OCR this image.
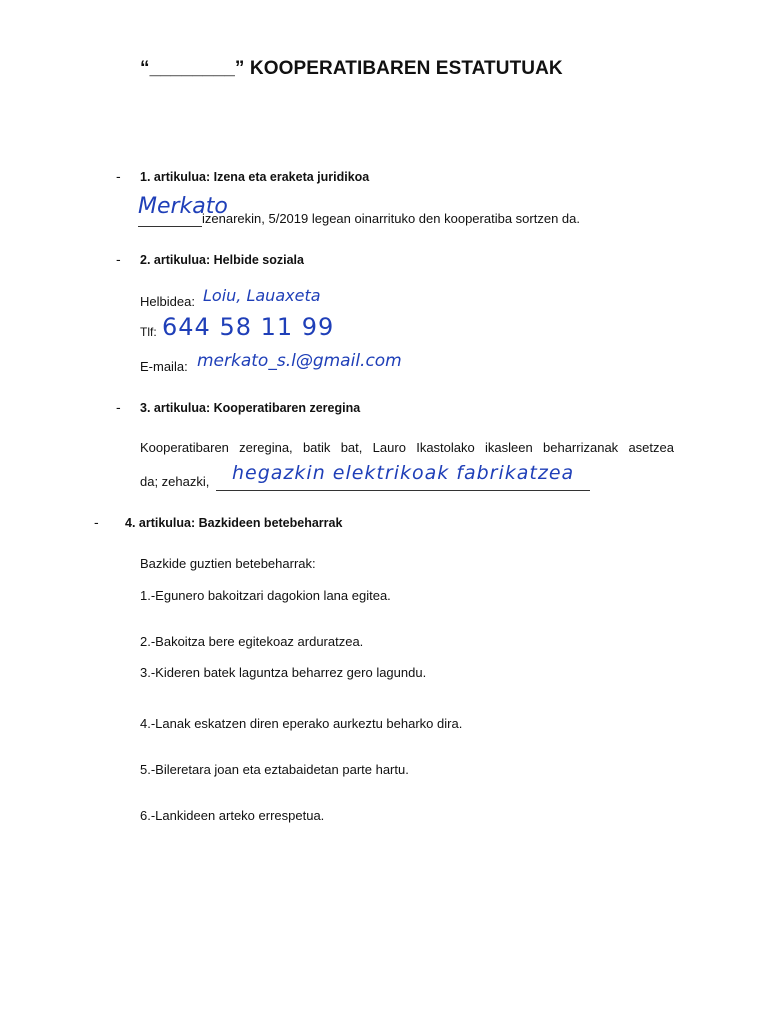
“________” KOOPERATIBAREN ESTATUTUAK
- 1. artikulua: Izena eta eraketa juridikoa
Merkato
izenarekin, 5/2019 legean oinarrituko den kooperatiba sortzen da.
- 2. artikulua: Helbide soziala
Helbidea: Loiu, Lauaxeta
Tlf: 644 58 11 99
E-maila: merkato_s.l@gmail.com
- 3. artikulua: Kooperatibaren zeregina
Kooperatibaren zeregina, batik bat, Lauro Ikastolako ikasleen beharrizanak asetzea
da; zehazki, hegazkin elektrikoak fabrikatzea
- 4. artikulua: Bazkideen betebeharrak
Bazkide guztien betebeharrak:
1.-Egunero bakoitzari dagokion lana egitea.
2.-Bakoitza bere egitekoaz arduratzea.
3.-Kideren batek laguntza beharrez gero lagundu.
4.-Lanak eskatzen diren eperako aurkeztu beharko dira.
5.-Bileretara joan eta eztabaidetan parte hartu.
6.-Lankideen arteko errespetua.
